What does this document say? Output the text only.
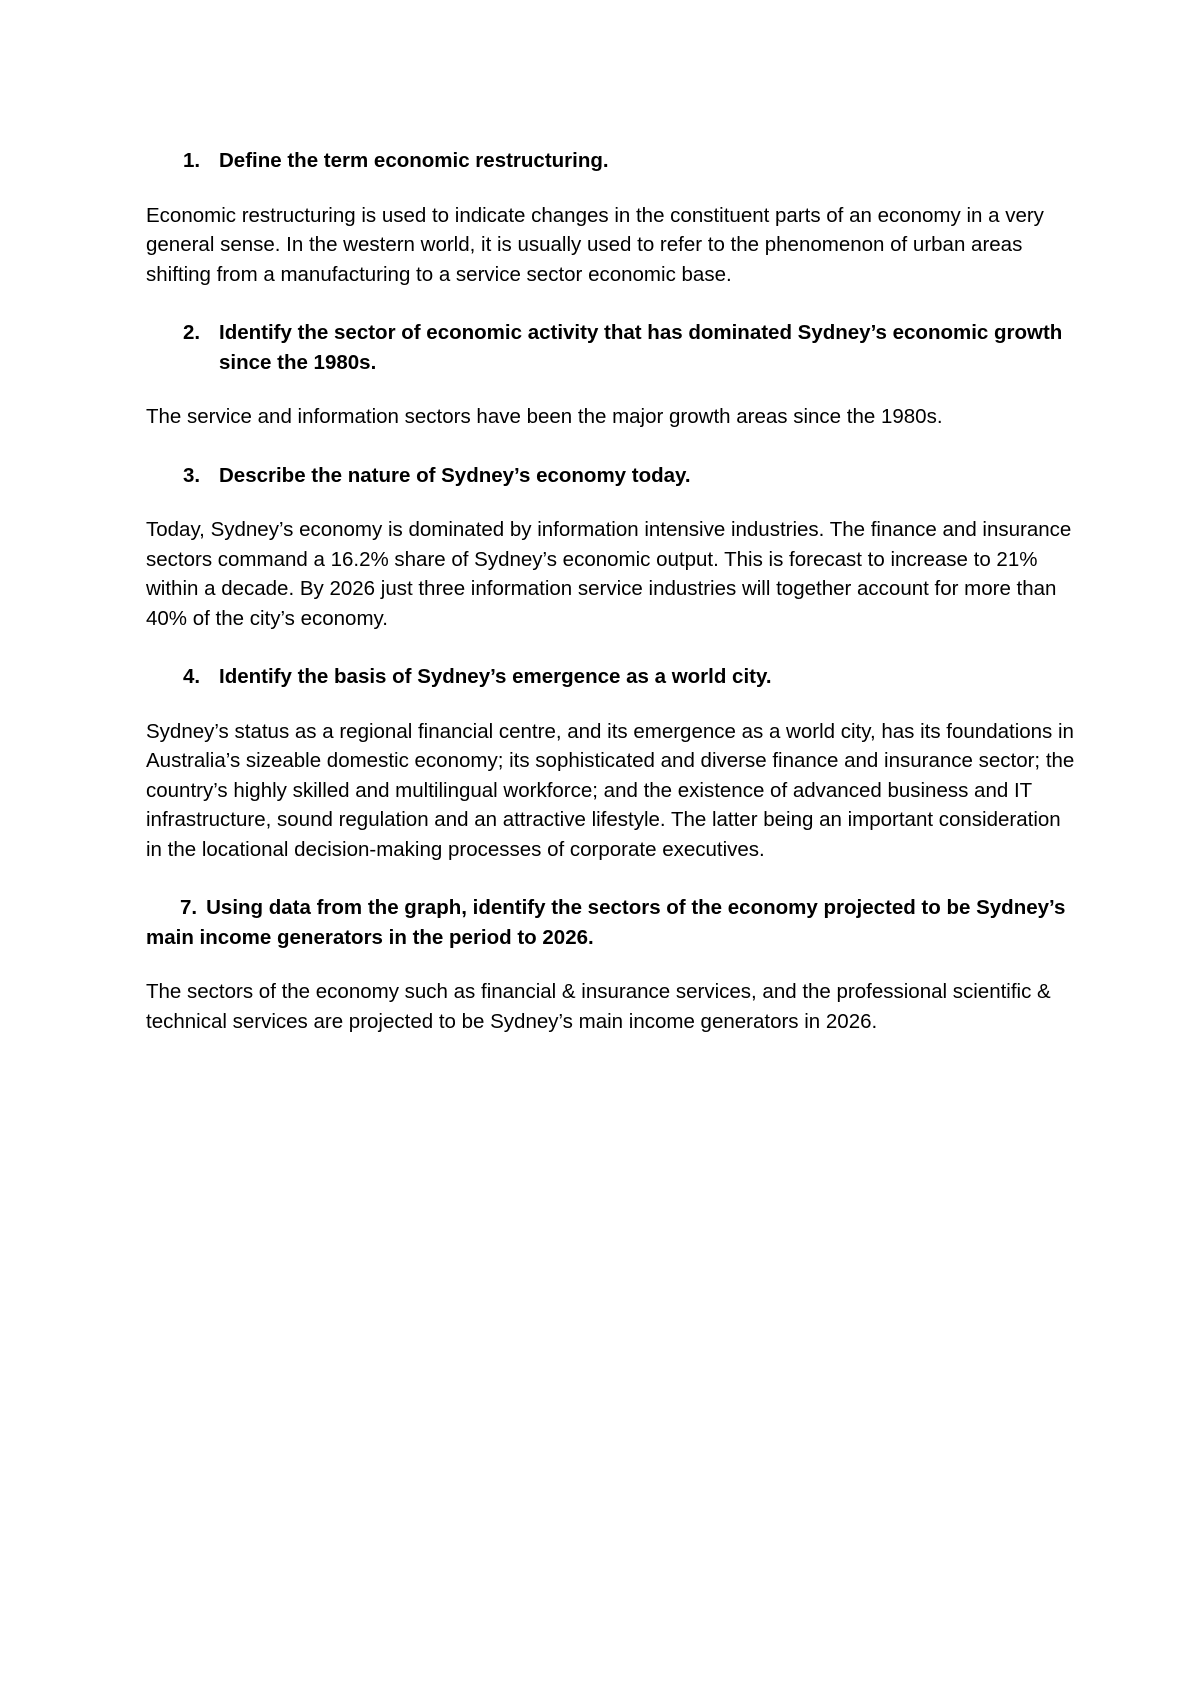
1. Define the term economic restructuring.

Economic restructuring is used to indicate changes in the constituent parts of an economy in a very general sense. In the western world, it is usually used to refer to the phenomenon of urban areas shifting from a manufacturing to a service sector economic base.

2. Identify the sector of economic activity that has dominated Sydney’s economic growth since the 1980s.

The service and information sectors have been the major growth areas since the 1980s.

3. Describe the nature of Sydney’s economy today.

Today, Sydney’s economy is dominated by information intensive industries. The finance and insurance sectors command a 16.2% share of Sydney’s economic output. This is forecast to increase to 21% within a decade. By 2026 just three information service industries will together account for more than 40% of the city’s economy.

4. Identify the basis of Sydney’s emergence as a world city.

Sydney’s status as a regional financial centre, and its emergence as a world city, has its foundations in Australia’s sizeable domestic economy; its sophisticated and diverse finance and insurance sector; the country’s highly skilled and multilingual workforce; and the existence of advanced business and IT infrastructure, sound regulation and an attractive lifestyle. The latter being an important consideration in the locational decision-making processes of corporate executives.

7. Using data from the graph, identify the sectors of the economy projected to be Sydney’s main income generators in the period to 2026.

The sectors of the economy such as financial & insurance services, and the professional scientific & technical services are projected to be Sydney’s main income generators in 2026.
